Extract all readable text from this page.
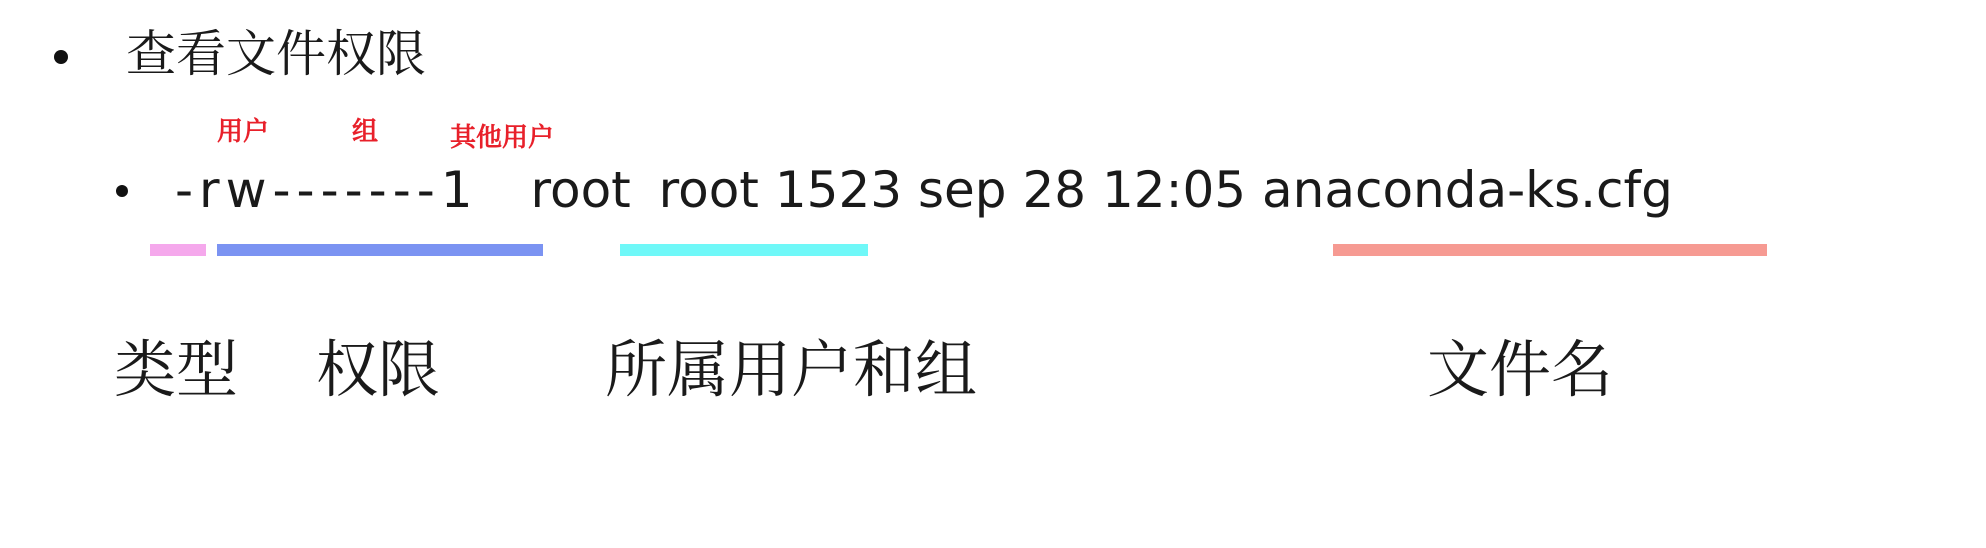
查看文件权限
用户	组	其他用户
-rw-------1 root root 1523 sep 28 12:05 anaconda-ks.cfg
类型 权限	所属用户和组	文件名
